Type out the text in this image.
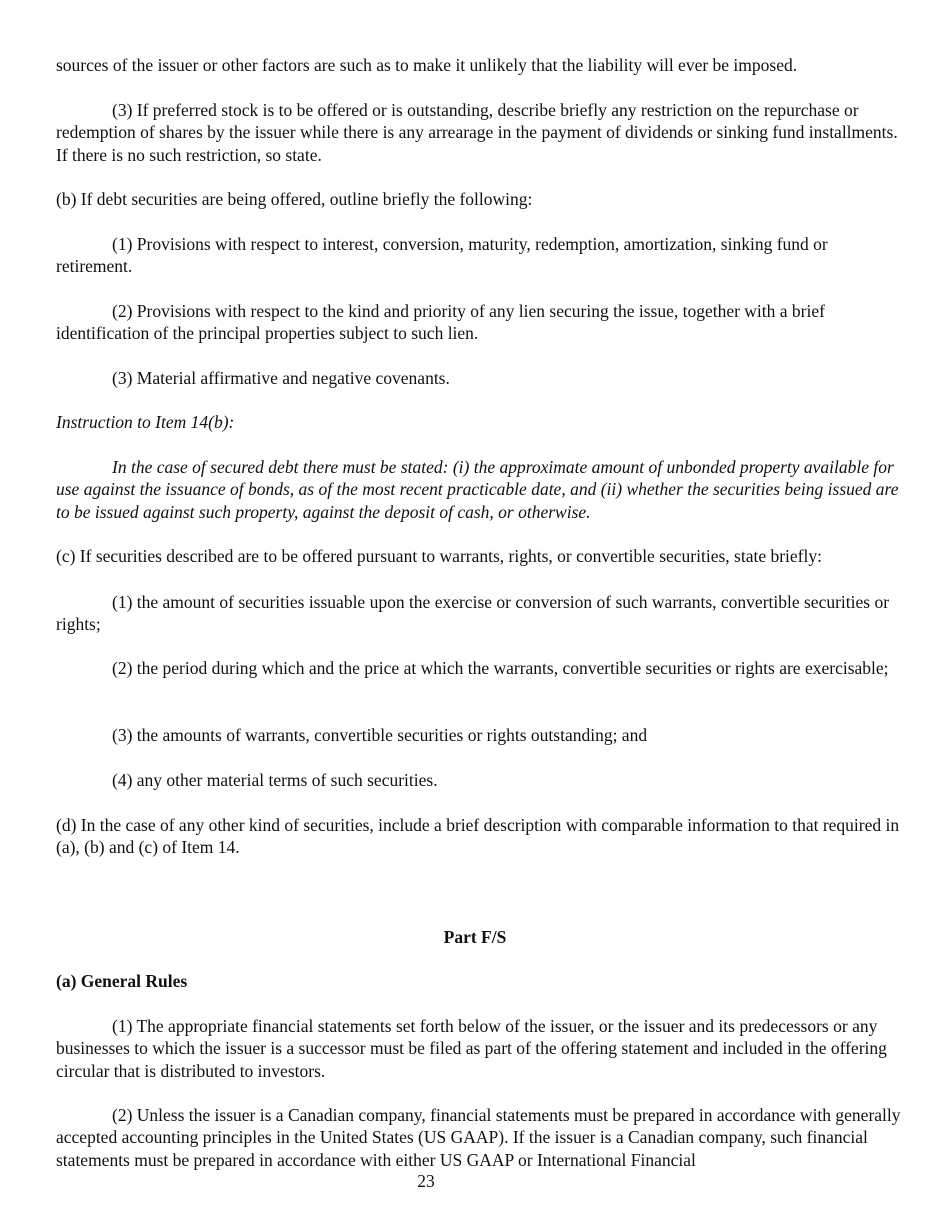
sources of the issuer or other factors are such as to make it unlikely that the liability will ever be imposed.

(3) If preferred stock is to be offered or is outstanding, describe briefly any restriction on the repurchase or redemption of shares by the issuer while there is any arrearage in the payment of dividends or sinking fund installments. If there is no such restriction, so state.

(b) If debt securities are being offered, outline briefly the following:

(1) Provisions with respect to interest, conversion, maturity, redemption, amortization, sinking fund or retirement.

(2) Provisions with respect to the kind and priority of any lien securing the issue, together with a brief identification of the principal properties subject to such lien.

(3) Material affirmative and negative covenants.

Instruction to Item 14(b):

In the case of secured debt there must be stated: (i) the approximate amount of unbonded property available for use against the issuance of bonds, as of the most recent practicable date, and (ii) whether the securities being issued are to be issued against such property, against the deposit of cash, or otherwise.

(c) If securities described are to be offered pursuant to warrants, rights, or convertible securities, state briefly:

(1) the amount of securities issuable upon the exercise or conversion of such warrants, convertible securities or rights;

(2) the period during which and the price at which the warrants, convertible securities or rights are exercisable;

(3) the amounts of warrants, convertible securities or rights outstanding; and

(4) any other material terms of such securities.

(d) In the case of any other kind of securities, include a brief description with comparable information to that required in (a), (b) and (c) of Item 14.

Part F/S

(a) General Rules

(1) The appropriate financial statements set forth below of the issuer, or the issuer and its predecessors or any businesses to which the issuer is a successor must be filed as part of the offering statement and included in the offering circular that is distributed to investors.

(2) Unless the issuer is a Canadian company, financial statements must be prepared in accordance with generally accepted accounting principles in the United States (US GAAP). If the issuer is a Canadian company, such financial statements must be prepared in accordance with either US GAAP or International Financial

23
